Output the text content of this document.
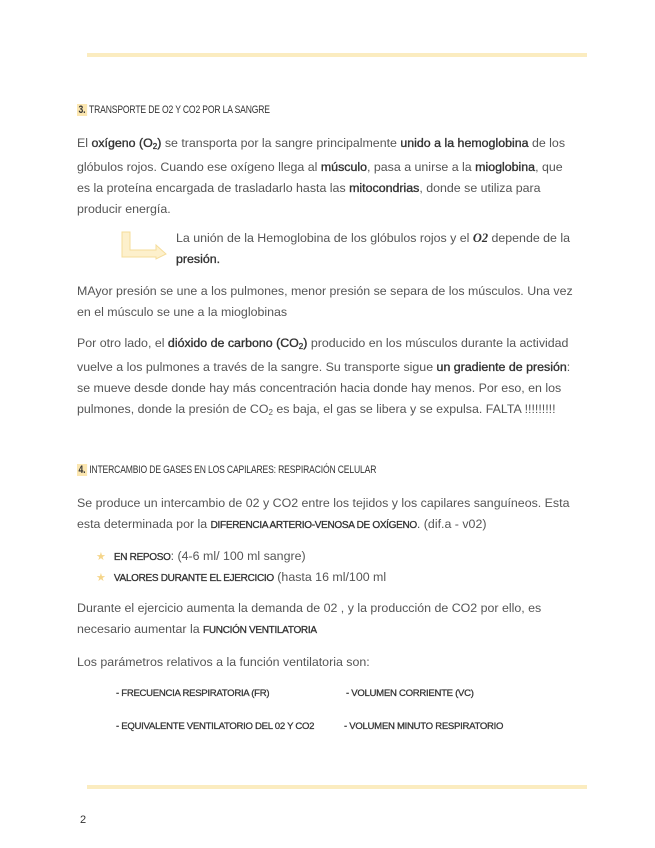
3. TRANSPORTE DE O2 Y CO2 POR LA SANGRE
El oxígeno $(O_2)$ se transporta por la sangre principalmente unido a la hemoglobina de los glóbulos rojos. Cuando ese oxígeno llega al músculo, pasa a unirse a la mioglobina, que es la proteína encargada de trasladarlo hasta las mitocondrias, donde se utiliza para producir energía.
La unión de la Hemoglobina de los glóbulos rojos y el O2 depende de la presión.
MAyor presión se une a los pulmones, menor presión se separa de los músculos. Una vez en el músculo se une a la mioglobinas
Por otro lado, el dióxido de carbono $(CO_2)$ producido en los músculos durante la actividad vuelve a los pulmones a través de la sangre. Su transporte sigue un gradiente de presión: se mueve desde donde hay más concentración hacia donde hay menos. Por eso, en los pulmones, donde la presión de $CO_2$ es baja, el gas se libera y se expulsa. FALTA !!!!!!!!!
4. INTERCAMBIO DE GASES EN LOS CAPILARES: RESPIRACIÓN CELULAR
Se produce un intercambio de 02 y CO2 entre los tejidos y los capilares sanguíneos. Esta esta determinada por la DIFERENCIA ARTERIO-VENOSA DE OXÍGENO. (dif.a - v02)
★ EN REPOSO: (4-6 ml/ 100 ml sangre)
★ VALORES DURANTE EL EJERCICIO (hasta 16 ml/100 ml
Durante el ejercicio aumenta la demanda de 02 , y la producción de CO2 por ello, es necesario aumentar la FUNCIÓN VENTILATORIA
Los parámetros relativos a la función ventilatoria son:
- FRECUENCIA RESPIRATORIA (FR)	- VOLUMEN CORRIENTE (VC)
- EQUIVALENTE VENTILATORIO DEL 02 Y CO2	- VOLUMEN MINUTO RESPIRATORIO
2
